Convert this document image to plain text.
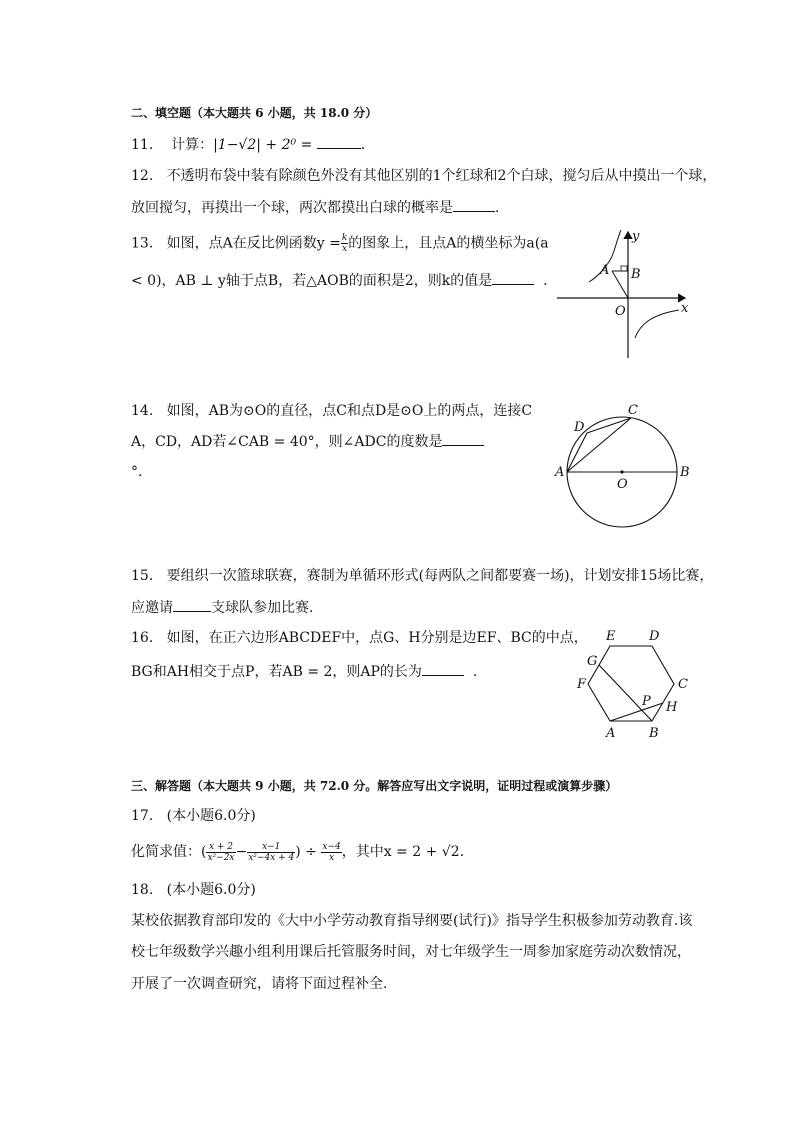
二、填空题（本大题共 6 小题，共 18.0 分）
11. 计算：|1−√2| + 2⁰ =	.
12. 不透明布袋中装有除颜色外没有其他区别的1个红球和2个白球，搅匀后从中摸出一个球，
放回搅匀，再摸出一个球，两次都摸出白球的概率是	.
13. 如图，点A在反比例函数$y = \frac{k}{x}$ 的图象上，且点A的横坐标为a(a
< 0)，AB ⊥ y轴于点B，若△AOB的面积是2，则k的值是	.
A B
O	x
y
14. 如图，AB为⊙O的直径，点C和点D是⊙O上的两点，连接C
A，CD，AD若∠CAB = 40°，则∠ADC的度数是
°.	A	B
C
D
O
15. 要组织一次篮球联赛，赛制为单循环形式(每两队之间都要赛一场)，计划安排15场比赛，
应邀请	支球队参加比赛.
16. 如图，在正六边形ABCDEF中，点G、H分别是边EF、BC的中点，
BG和AH相交于点P，若AB = 2，则AP的长为	.
A	B
C
D
E
F
G
H
P
三、解答题（本大题共 9 小题，共 72.0 分。解答应写出文字说明，证明过程或演算步骤）
17. (本小题6.0分)
化简求值：( $\frac{x + 2}{\text{x²−2x}} - \frac{x-1}{\text{x²−4x + 4}}$ ) ÷ $\frac{x-4}{x}$ ，其中x = 2 + √2.
18. (本小题6.0分)
某校依据教育部印发的《大中小学劳动教育指导纲要(试行)》指导学生积极参加劳动教育.该
校七年级数学兴趣小组利用课后托管服务时间，对七年级学生一周参加家庭劳动次数情况，
开展了一次调查研究，请将下面过程补全.
